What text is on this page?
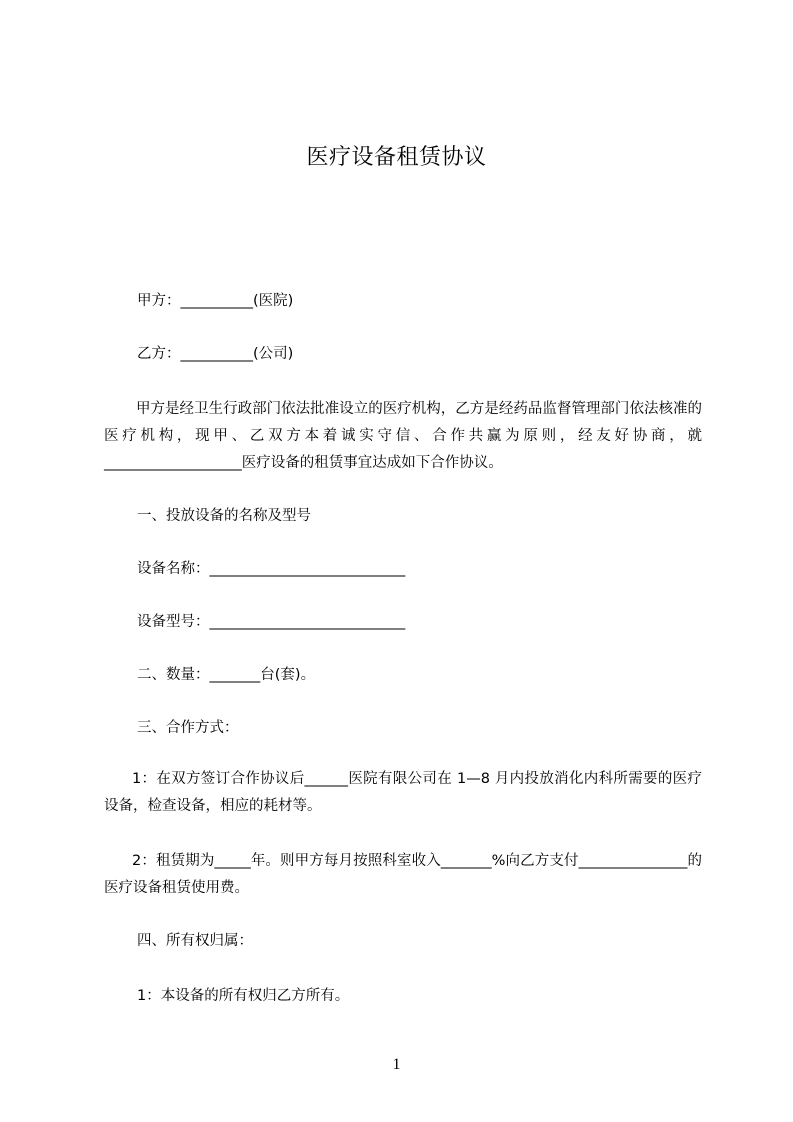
医疗设备租赁协议
甲方：__________(医院)
乙方：__________(公司)
甲方是经卫生行政部门依法批准设立的医疗机构，乙方是经药品监督管理部门依法核准的医疗机构，现甲、乙双方本着诚实守信、合作共赢为原则，经友好协商，就___________________医疗设备的租赁事宜达成如下合作协议。
一、投放设备的名称及型号
设备名称：___________________________
设备型号：___________________________
二、数量：_______台(套)。
三、合作方式：
1：在双方签订合作协议后______医院有限公司在 1—8 月内投放消化内科所需要的医疗设备，检查设备，相应的耗材等。
2：租赁期为_____年。则甲方每月按照科室收入_______%向乙方支付_______________的医疗设备租赁使用费。
四、所有权归属：
1：本设备的所有权归乙方所有。
1
